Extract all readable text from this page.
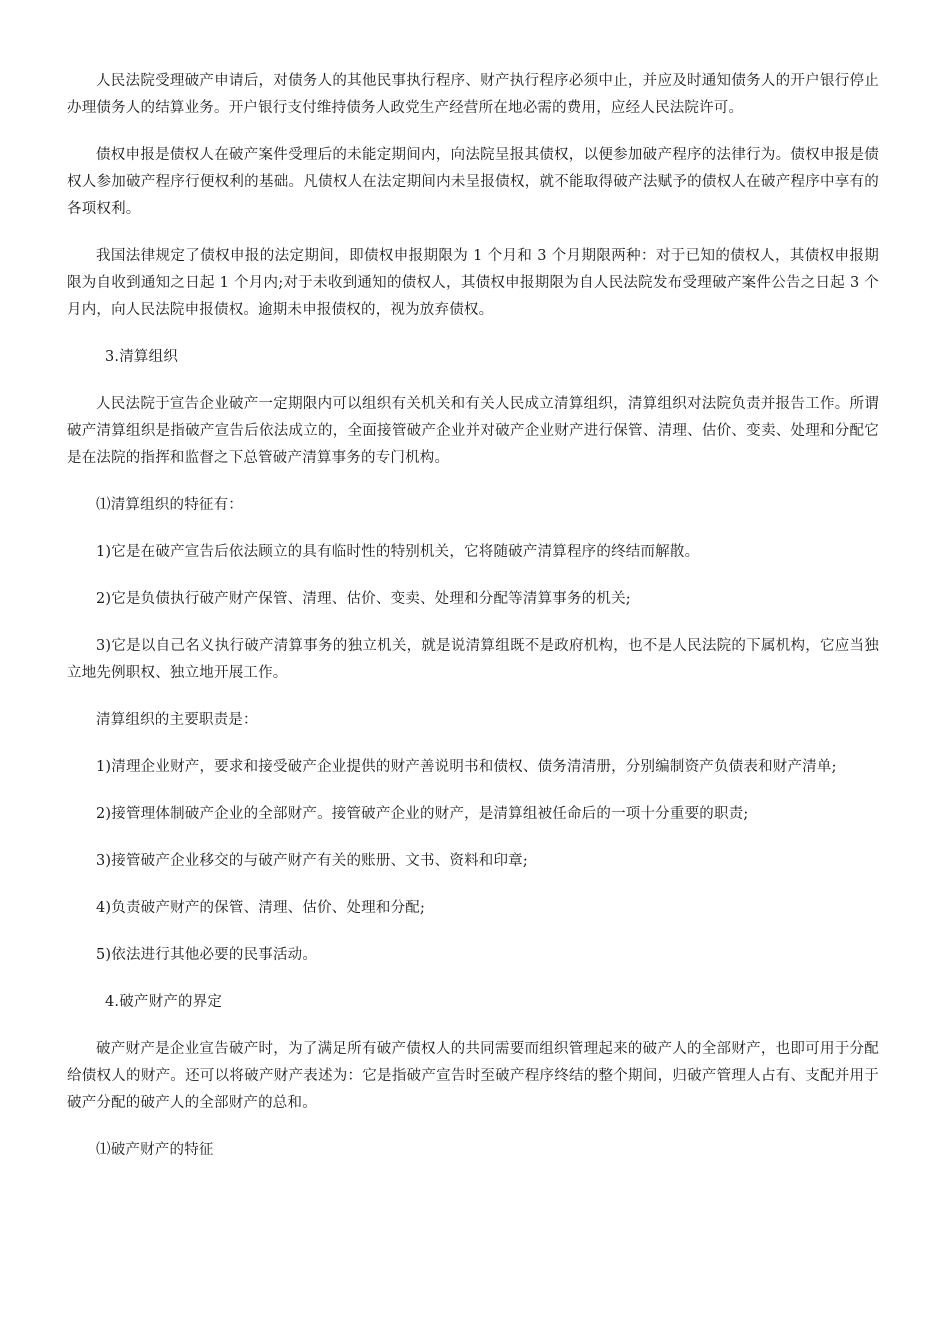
人民法院受理破产申请后，对债务人的其他民事执行程序、财产执行程序必须中止，并应及时通知债务人的开户银行停止办理债务人的结算业务。开户银行支付维持债务人政党生产经营所在地必需的费用，应经人民法院许可。

债权申报是债权人在破产案件受理后的未能定期间内，向法院呈报其债权，以便参加破产程序的法律行为。债权申报是债权人参加破产程序行便权利的基础。凡债权人在法定期间内未呈报债权，就不能取得破产法赋予的债权人在破产程序中享有的各项权利。

我国法律规定了债权申报的法定期间，即债权申报期限为 1 个月和 3 个月期限两种：对于已知的债权人，其债权申报期限为自收到通知之日起 1 个月内;对于未收到通知的债权人，其债权申报期限为自人民法院发布受理破产案件公告之日起 3 个月内，向人民法院申报债权。逾期未申报债权的，视为放弃债权。

3.清算组织

人民法院于宣告企业破产一定期限内可以组织有关机关和有关人民成立清算组织，清算组织对法院负责并报告工作。所谓破产清算组织是指破产宣告后依法成立的，全面接管破产企业并对破产企业财产进行保管、清理、估价、变卖、处理和分配它是在法院的指挥和监督之下总管破产清算事务的专门机构。

⑴清算组织的特征有：

1)它是在破产宣告后依法顾立的具有临时性的特别机关，它将随破产清算程序的终结而解散。

2)它是负债执行破产财产保管、清理、估价、变卖、处理和分配等清算事务的机关;

3)它是以自己名义执行破产清算事务的独立机关，就是说清算组既不是政府机构，也不是人民法院的下属机构，它应当独立地先例职权、独立地开展工作。

清算组织的主要职责是：

1)清理企业财产，要求和接受破产企业提供的财产善说明书和债权、债务清清册，分别编制资产负债表和财产清单;

2)接管理体制破产企业的全部财产。接管破产企业的财产，是清算组被任命后的一项十分重要的职责;

3)接管破产企业移交的与破产财产有关的账册、文书、资料和印章;

4)负责破产财产的保管、清理、估价、处理和分配;

5)依法进行其他必要的民事活动。

4.破产财产的界定

破产财产是企业宣告破产时，为了满足所有破产债权人的共同需要而组织管理起来的破产人的全部财产，也即可用于分配给债权人的财产。还可以将破产财产表述为：它是指破产宣告时至破产程序终结的整个期间，归破产管理人占有、支配并用于破产分配的破产人的全部财产的总和。

⑴破产财产的特征
